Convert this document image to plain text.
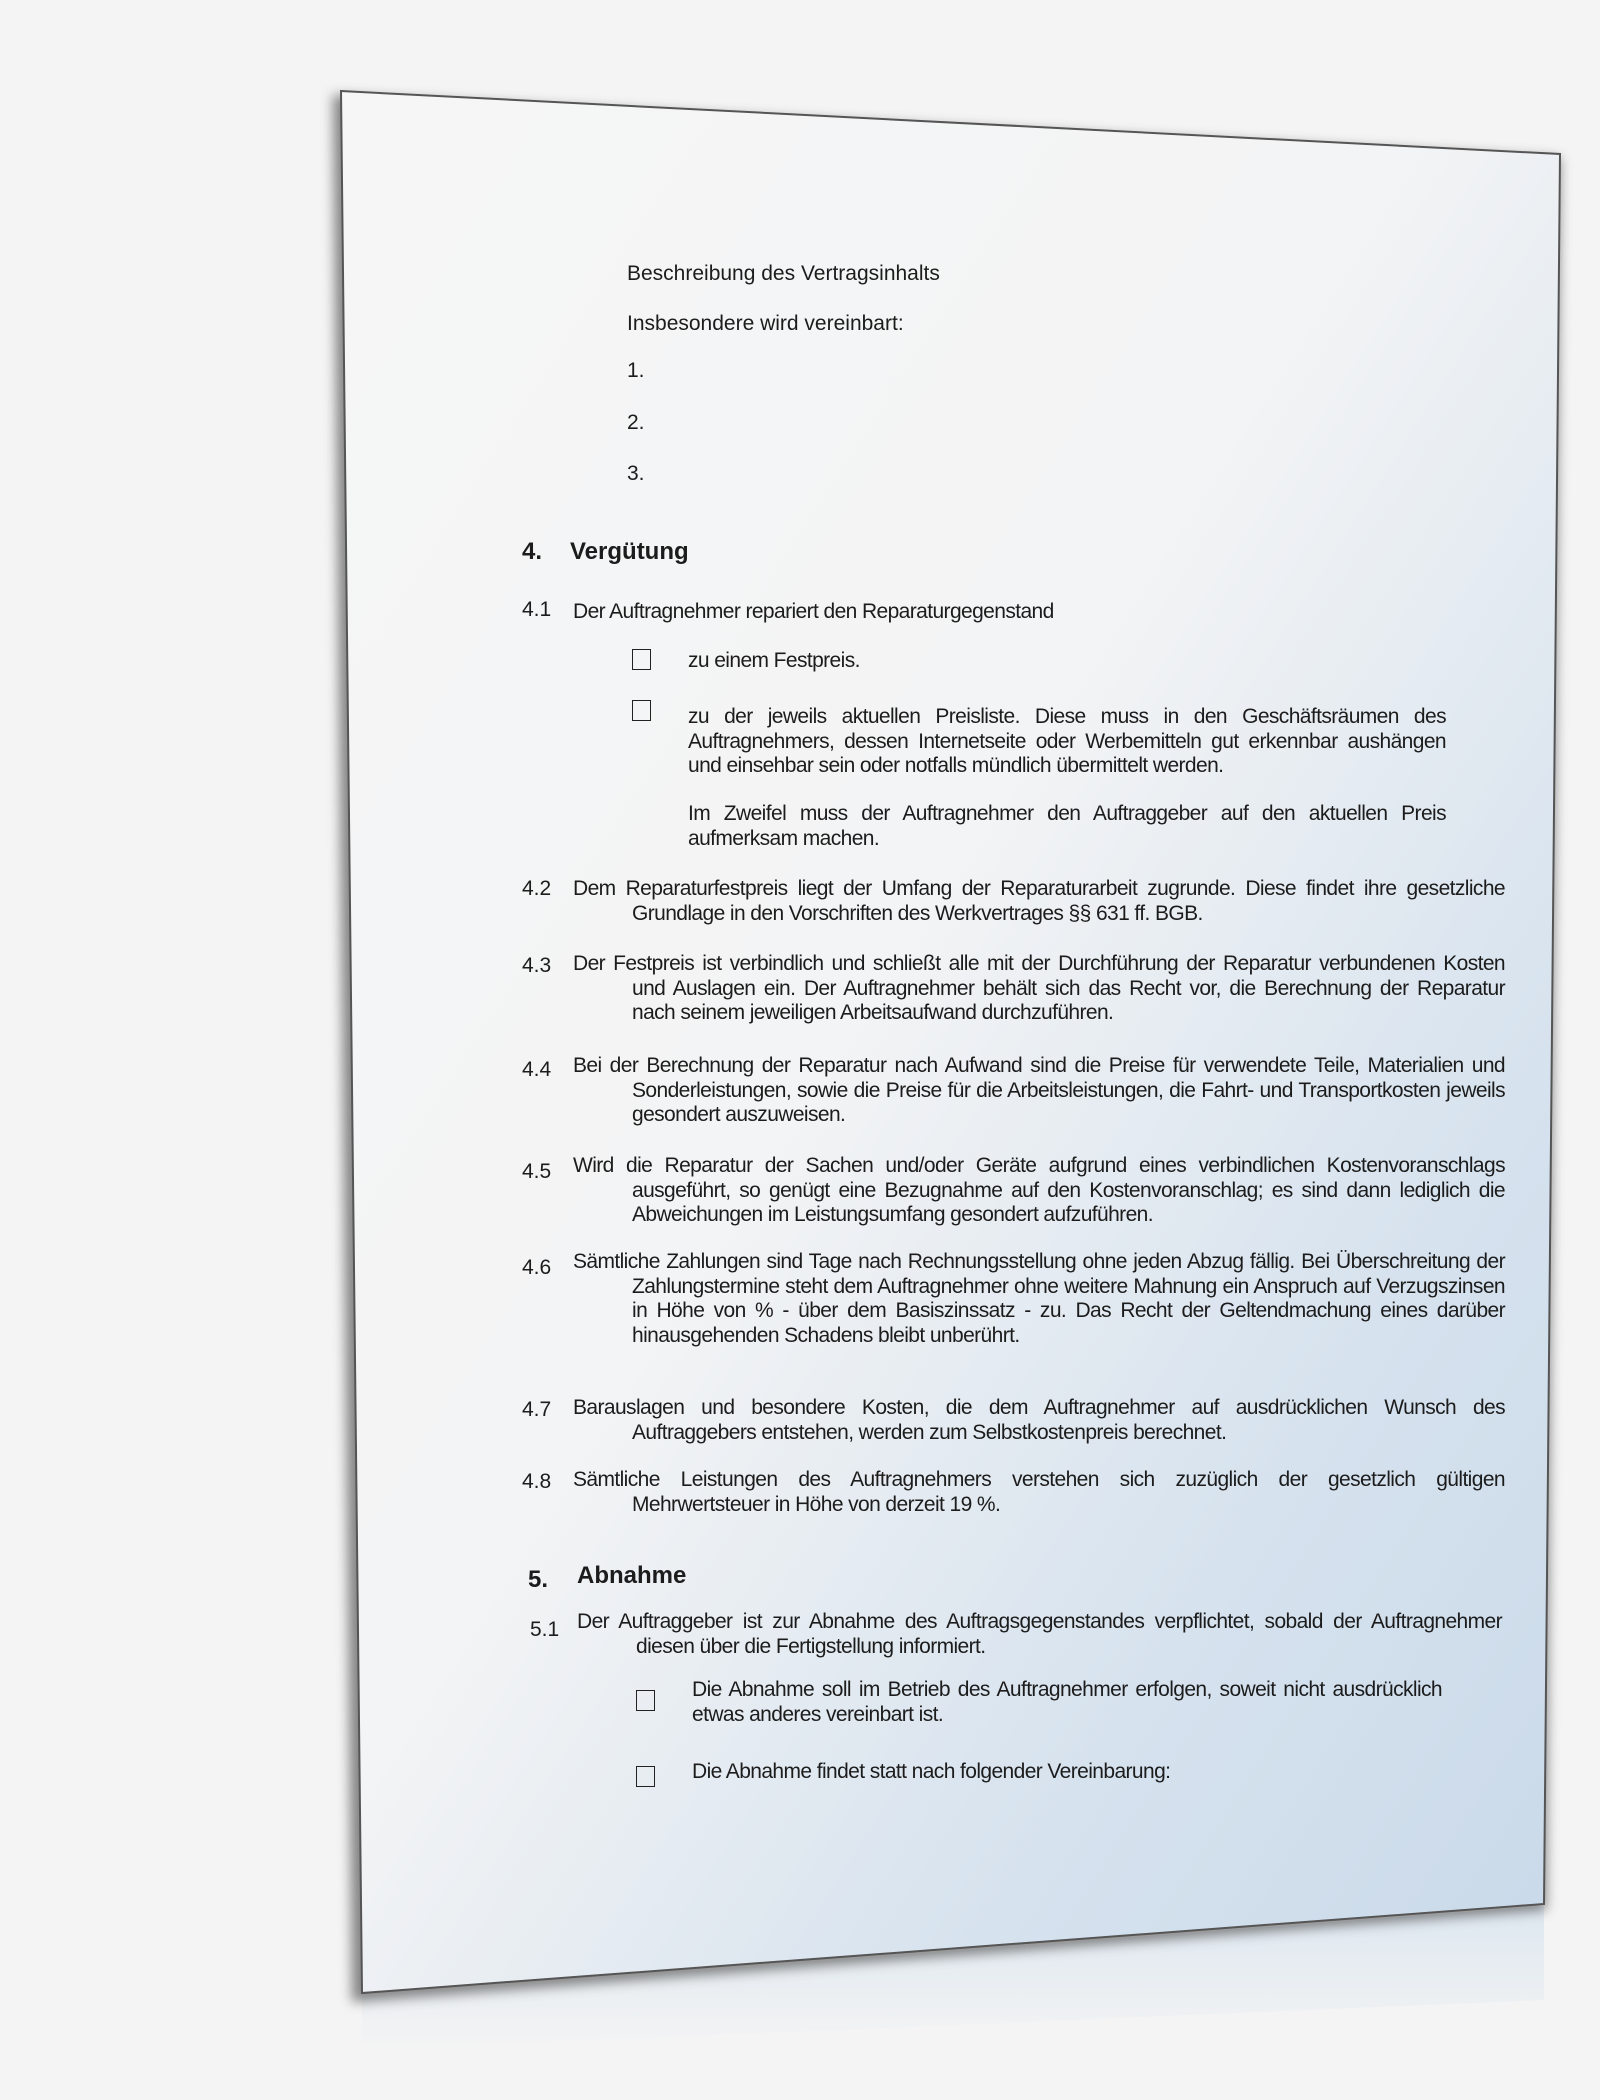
Beschreibung des Vertragsinhalts
Insbesondere wird vereinbart:
1.
2.
3.
4. Vergütung
4.1 Der Auftragnehmer repariert den Reparaturgegenstand
zu einem Festpreis.
zu der jeweils aktuellen Preisliste. Diese muss in den Geschäftsräumen des Auftragnehmers, dessen Internetseite oder Werbemitteln gut erkennbar aushängen und einsehbar sein oder notfalls mündlich übermittelt werden.
Im Zweifel muss der Auftragnehmer den Auftraggeber auf den aktuellen Preis aufmerksam machen.
4.2 Dem Reparaturfestpreis liegt der Umfang der Reparaturarbeit zugrunde. Diese findet ihre gesetzliche Grundlage in den Vorschriften des Werkvertrages §§ 631 ff. BGB.
4.3 Der Festpreis ist verbindlich und schließt alle mit der Durchführung der Reparatur verbundenen Kosten und Auslagen ein. Der Auftragnehmer behält sich das Recht vor, die Berechnung der Reparatur nach seinem jeweiligen Arbeitsaufwand durchzuführen.
4.4 Bei der Berechnung der Reparatur nach Aufwand sind die Preise für verwendete Teile, Materialien und Sonderleistungen, sowie die Preise für die Arbeitsleistungen, die Fahrt- und Transportkosten jeweils gesondert auszuweisen.
4.5 Wird die Reparatur der Sachen und/oder Geräte aufgrund eines verbindlichen Kostenvoranschlags ausgeführt, so genügt eine Bezugnahme auf den Kostenvoranschlag; es sind dann lediglich die Abweichungen im Leistungsumfang gesondert aufzuführen.
4.6 Sämtliche Zahlungen sind Tage nach Rechnungsstellung ohne jeden Abzug fällig. Bei Überschreitung der Zahlungstermine steht dem Auftragnehmer ohne weitere Mahnung ein Anspruch auf Verzugszinsen in Höhe von % - über dem Basiszinssatz - zu. Das Recht der Geltendmachung eines darüber hinausgehenden Schadens bleibt unberührt.
4.7 Barauslagen und besondere Kosten, die dem Auftragnehmer auf ausdrücklichen Wunsch des Auftraggebers entstehen, werden zum Selbstkostenpreis berechnet.
4.8 Sämtliche Leistungen des Auftragnehmers verstehen sich zuzüglich der gesetzlich gültigen Mehrwertsteuer in Höhe von derzeit 19 %.
5. Abnahme
5.1 Der Auftraggeber ist zur Abnahme des Auftragsgegenstandes verpflichtet, sobald der Auftragnehmer diesen über die Fertigstellung informiert.
Die Abnahme soll im Betrieb des Auftragnehmer erfolgen, soweit nicht ausdrücklich etwas anderes vereinbart ist.
Die Abnahme findet statt nach folgender Vereinbarung:
